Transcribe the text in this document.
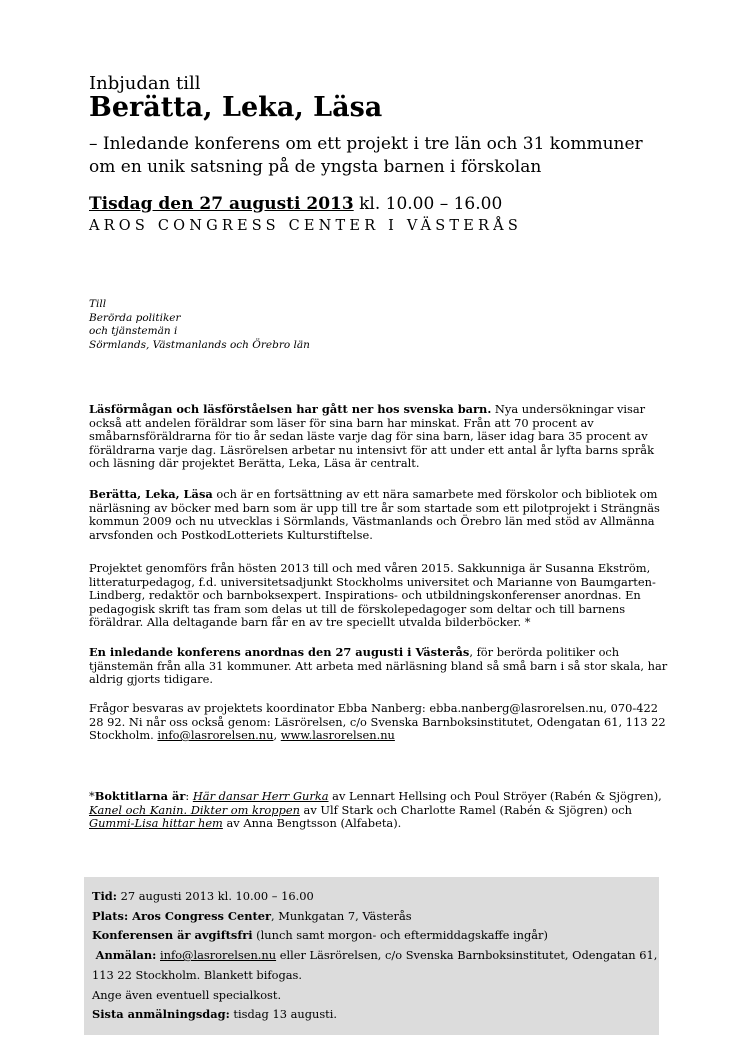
Inbjudan till
Berätta, Leka, Läsa
– Inledande konferens om ett projekt i tre län och 31 kommuner
om en unik satsning på de yngsta barnen i förskolan
Tisdag den 27 augusti 2013 kl. 10.00 – 16.00
AROS CONGRESS CENTER I VÄSTERÅS
Till
Berörda politiker
och tjänstemän i
Sörmlands, Västmanlands och Örebro län

Läsförmågan och läsförståelsen har gått ner hos svenska barn. Nya undersökningar visar också att andelen föräldrar som läser för sina barn har minskat. Från att 70 procent av småbarnsföräldrarna för tio år sedan läste varje dag för sina barn, läser idag bara 35 procent av föräldrarna varje dag. Läsrörelsen arbetar nu intensivt för att under ett antal år lyfta barns språk och läsning där projektet Berätta, Leka, Läsa är centralt.

Berätta, Leka, Läsa och är en fortsättning av ett nära samarbete med förskolor och bibliotek om närläsning av böcker med barn som är upp till tre år som startade som ett pilotprojekt i Strängnäs kommun 2009 och nu utvecklas i Sörmlands, Västmanlands och Örebro län med stöd av Allmänna arvsfonden och PostkodLotteriets Kulturstiftelse.

Projektet genomförs från hösten 2013 till och med våren 2015. Sakkunniga är Susanna Ekström, litteraturpedagog, f.d. universitetsadjunkt Stockholms universitet och Marianne von Baumgarten-Lindberg, redaktör och barnboksexpert. Inspirations- och utbildningskonferenser anordnas. En pedagogisk skrift tas fram som delas ut till de förskolepedagoger som deltar och till barnens föräldrar. Alla deltagande barn får en av tre speciellt utvalda bilderböcker. *

En inledande konferens anordnas den 27 augusti i Västerås, för berörda politiker och tjänstemän från alla 31 kommuner. Att arbeta med närläsning bland så små barn i så stor skala, har aldrig gjorts tidigare.

Frågor besvaras av projektets koordinator Ebba Nanberg: ebba.nanberg@lasrorelsen.nu, 070-422 28 92. Ni når oss också genom: Läsrörelsen, c/o Svenska Barnboksinstitutet, Odengatan 61, 113 22 Stockholm. info@lasrorelsen.nu, www.lasrorelsen.nu

*Boktitlarna är: Här dansar Herr Gurka av Lennart Hellsing och Poul Ströyer (Rabén & Sjögren), Kanel och Kanin. Dikter om kroppen av Ulf Stark och Charlotte Ramel (Rabén & Sjögren) och Gummi-Lisa hittar hem av Anna Bengtsson (Alfabeta).

Tid: 27 augusti 2013 kl. 10.00 – 16.00
Plats: Aros Congress Center, Munkgatan 7, Västerås
Konferensen är avgiftsfri (lunch samt morgon- och eftermiddagskaffe ingår)
Anmälan: info@lasrorelsen.nu eller Läsrörelsen, c/o Svenska Barnboksinstitutet, Odengatan 61,
113 22 Stockholm. Blankett bifogas.
Ange även eventuell specialkost.
Sista anmälningsdag: tisdag 13 augusti.
